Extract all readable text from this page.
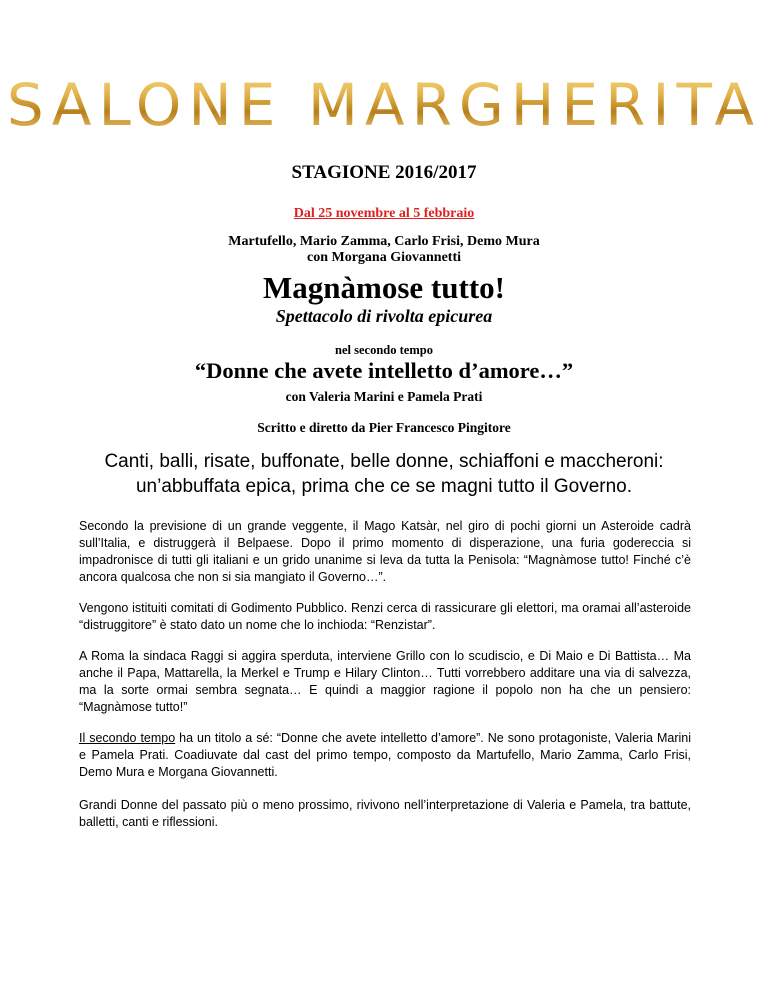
SALONE MARGHERITA

STAGIONE 2016/2017

Dal 25 novembre al 5 febbraio

Martufello, Mario Zamma, Carlo Frisi, Demo Mura
con Morgana Giovannetti

Magnàmose tutto!

Spettacolo di rivolta epicurea

nel secondo tempo

“Donne che avete intelletto d’amore…”

con Valeria Marini e Pamela Prati

Scritto e diretto da Pier Francesco Pingitore

Canti, balli, risate, buffonate, belle donne, schiaffoni e maccheroni:
un’abbuffata epica, prima che ce se magni tutto il Governo.

Secondo la previsione di un grande veggente, il Mago Katsàr, nel giro di pochi giorni un Asteroide cadrà sull’Italia, e distruggerà il Belpaese. Dopo il primo momento di disperazione, una furia godereccia si impadronisce di tutti gli italiani e un grido unanime si leva da tutta la Penisola: “Magnàmose tutto! Finché c’è ancora qualcosa che non si sia mangiato il Governo…”.

Vengono istituiti comitati di Godimento Pubblico. Renzi cerca di rassicurare gli elettori, ma oramai all’asteroide “distruggitore” è stato dato un nome che lo inchioda: “Renzistar”.

A Roma la sindaca Raggi si aggira sperduta, interviene Grillo con lo scudiscio, e Di Maio e Di Battista… Ma anche il Papa, Mattarella, la Merkel e Trump e Hilary Clinton… Tutti vorrebbero additare una via di salvezza, ma la sorte ormai sembra segnata… E quindi a maggior ragione il popolo non ha che un pensiero: “Magnàmose tutto!”

Il secondo tempo ha un titolo a sé: “Donne che avete intelletto d’amore”. Ne sono protagoniste, Valeria Marini e Pamela Prati. Coadiuvate dal cast del primo tempo, composto da Martufello, Mario Zamma, Carlo Frisi, Demo Mura e Morgana Giovannetti.

Grandi Donne del passato più o meno prossimo, rivivono nell’interpretazione di Valeria e Pamela, tra battute, balletti, canti e riflessioni.
